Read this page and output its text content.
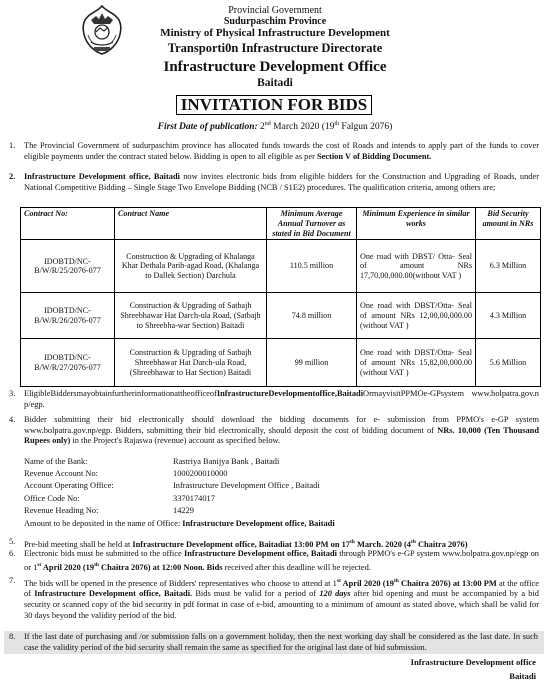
Provincial Government
Sudurpaschim Province
Ministry of Physical Infrastructure Development
Transporti0n Infrastructure Directorate
Infrastructure Development Office
Baitadi
INVITATION FOR BIDS
First Date of publication: 2nd March 2020 (19th Falgun 2076)
1. The Provincial Government of sudurpaschim province has allocated funds towards the cost of Roads and intends to apply part of the funds to cover eligible payments under the contract stated below. Bidding is open to all eligible as per Section V of Bidding Document.
2. Infrastructure Development office, Baitadi now invites electronic bids from eligible bidders for the Construction and Upgrading of Roads, under National Competitive Bidding – Single Stage Two Envelope Bidding (NCB / S1E2) procedures. The qualification criteria, among others are;
Contract No:	Contract Name	Minimum Average Annual Turnover as stated in Bid Document	Minimum Experience in similar works	Bid Security amount in NRs
IDOBTD/NC-B/W/R/25/2076-077	Construction & Upgrading of Khalanga Khar Dethala Parib-agad Road, (Khalanga to Dallek Section) Darchula	110.5 million	One road with DBST/ Otta- Seal of amount NRs 17,70,00,000.00(without VAT )	6.3 Million
IDOBTD/NC-B/W/R/26/2076-077	Construction & Upgrading of Satbajh Shreebhawar Hat Darch-ula Road, (Satbajh to Shreebha-war Section) Baitadi	74.8 million	One road with DBST/Otta- Seal of amount NRs 12,00,00,000.00 (without VAT )	4.3 Million
IDOBTD/NC-B/W/R/27/2076-077	Construction & Upgrading of Satbajh Shreebhawar Hat Darch-ula Road, (Shreebhawar to Hat Section) Baitadi	99 million	One road with DBST/Otta- Seal of amount NRs 15,82,00,000.00 (without VAT )	5.6 Million
3. EligibleBiddersmayobtainfurtherinformationattheofficeofInfrastructureDevelopmentoffice,BaitadiOrmayvisitPPMOe-GPsystem www.bolpatra.gov.np/egp.
4. Bidder submitting their bid electronically should download the bidding documents for e- submission from PPMO's e-GP system www.bolpatra.gov.np/egp. Bidders, submitting their bid electronically, should deposit the cost of bidding document of NRs. 10,000 (Ten Thousand Rupees only) in the Project's Rajaswa (revenue) account as specified below.
Name of the Bank:	Rastriya Banijya Bank , Baitadi
Revenue Account No:	1000200010000
Account Operating Office:	Infrastructure Development Office , Baitadi
Office Code No:	3370174017
Revenue Heading No:	14229
Amount to be deposited in the name of Office: Infrastructure Development office, Baitadi
5. Pre-bid meeting shall be held at Infrastructure Development office, Baitadiat 13:00 PM on 17th March. 2020 (4th Chaitra 2076)
6. Electronic bids must be submitted to the office Infrastructure Development office, Baitadi through PPMO's e-GP system www.bolpatra.gov.np/egp on or 1st April 2020 (19th Chaitra 2076) at 12:00 Noon. Bids received after this deadline will be rejected.
7. The bids will be opened in the presence of Bidders' representatives who choose to attend at 1st April 2020 (19th Chaitra 2076) at 13:00 PM at the office of Infrastructure Development office, Baitadi. Bids must be valid for a period of 120 days after bid opening and must be accompanied by a bid security or scanned copy of the bid security in pdf format in case of e-bid, amounting to a minimum of amount as stated above, which shall be valid for 30 days beyond the validity period of the bid.
8. If the last date of purchasing and /or submission falls on a government holiday, then the next working day shall be considered as the last date. In such case the validity period of the bid security shall remain the same as specified for the original last date of bid submission.
Infrastructure Development office
Baitadi
